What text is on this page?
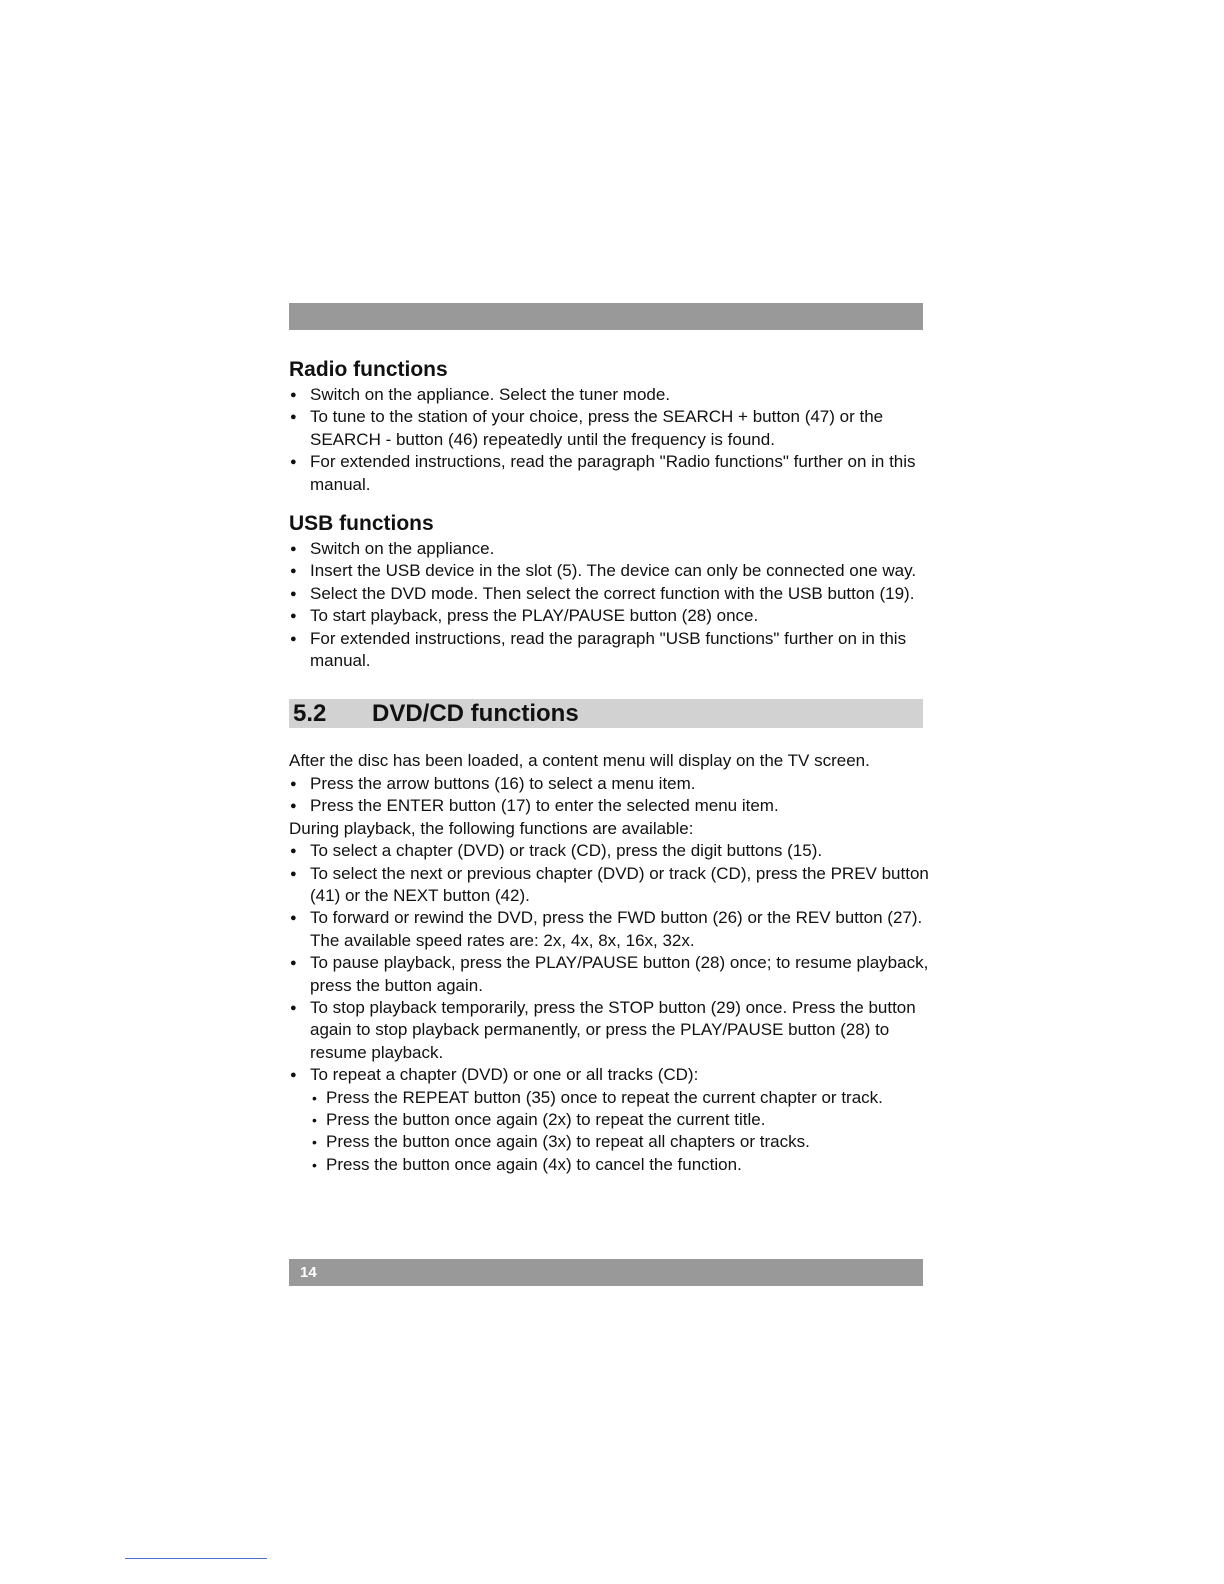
Radio functions
● Switch on the appliance. Select the tuner mode.
● To tune to the station of your choice, press the SEARCH + button (47) or the SEARCH - button (46) repeatedly until the frequency is found.
● For extended instructions, read the paragraph "Radio functions" further on in this manual.
USB functions
● Switch on the appliance.
● Insert the USB device in the slot (5). The device can only be connected one way.
● Select the DVD mode. Then select the correct function with the USB button (19).
● To start playback, press the PLAY/PAUSE button (28) once.
● For extended instructions, read the paragraph "USB functions" further on in this manual.
5.2	DVD/CD functions

After the disc has been loaded, a content menu will display on the TV screen.

● Press the arrow buttons (16) to select a menu item.
● Press the ENTER button (17) to enter the selected menu item.

During playback, the following functions are available:

● To select a chapter (DVD) or track (CD), press the digit buttons (15).
● To select the next or previous chapter (DVD) or track (CD), press the PREV button (41) or the NEXT button (42).
● To forward or rewind the DVD, press the FWD button (26) or the REV button (27). The available speed rates are: 2x, 4x, 8x, 16x, 32x.
● To pause playback, press the PLAY/PAUSE button (28) once; to resume playback, press the button again.
● To stop playback temporarily, press the STOP button (29) once. Press the button again to stop playback permanently, or press the PLAY/PAUSE button (28) to resume playback.
● To repeat a chapter (DVD) or one or all tracks (CD):
• Press the REPEAT button (35) once to repeat the current chapter or track.
• Press the button once again (2x) to repeat the current title.
• Press the button once again (3x) to repeat all chapters or tracks.
• Press the button once again (4x) to cancel the function.
14
